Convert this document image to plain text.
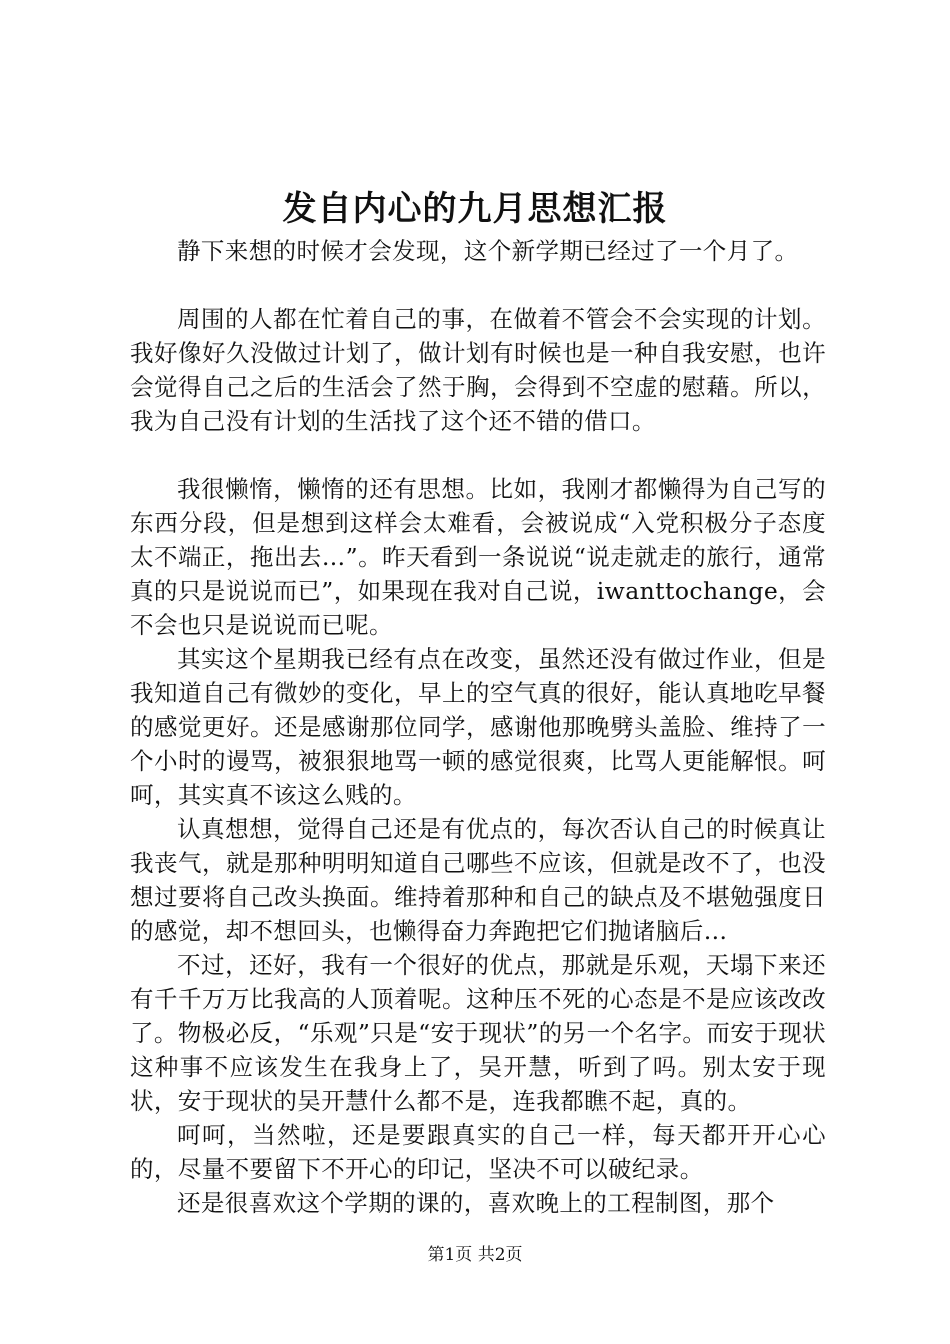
发自内心的九月思想汇报

静下来想的时候才会发现，这个新学期已经过了一个月了。

周围的人都在忙着自己的事，在做着不管会不会实现的计划。我好像好久没做过计划了，做计划有时候也是一种自我安慰，也许会觉得自己之后的生活会了然于胸，会得到不空虚的慰藉。所以，我为自己没有计划的生活找了这个还不错的借口。

我很懒惰，懒惰的还有思想。比如，我刚才都懒得为自己写的东西分段，但是想到这样会太难看，会被说成“入党积极分子态度太不端正，拖出去…”。昨天看到一条说说“说走就走的旅行，通常真的只是说说而已”，如果现在我对自己说，iwanttochange，会不会也只是说说而已呢。

其实这个星期我已经有点在改变，虽然还没有做过作业，但是我知道自己有微妙的变化，早上的空气真的很好，能认真地吃早餐的感觉更好。还是感谢那位同学，感谢他那晚劈头盖脸、维持了一个小时的谩骂，被狠狠地骂一顿的感觉很爽，比骂人更能解恨。呵呵，其实真不该这么贱的。

认真想想，觉得自己还是有优点的，每次否认自己的时候真让我丧气，就是那种明明知道自己哪些不应该，但就是改不了，也没想过要将自己改头换面。维持着那种和自己的缺点及不堪勉强度日的感觉，却不想回头，也懒得奋力奔跑把它们抛诸脑后…

不过，还好，我有一个很好的优点，那就是乐观，天塌下来还有千千万万比我高的人顶着呢。这种压不死的心态是不是应该改改了。物极必反，“乐观”只是“安于现状”的另一个名字。而安于现状这种事不应该发生在我身上了，吴开慧，听到了吗。别太安于现状，安于现状的吴开慧什么都不是，连我都瞧不起，真的。

呵呵，当然啦，还是要跟真实的自己一样，每天都开开心心的，尽量不要留下不开心的印记，坚决不可以破纪录。

还是很喜欢这个学期的课的，喜欢晚上的工程制图，那个

第1页 共2页
